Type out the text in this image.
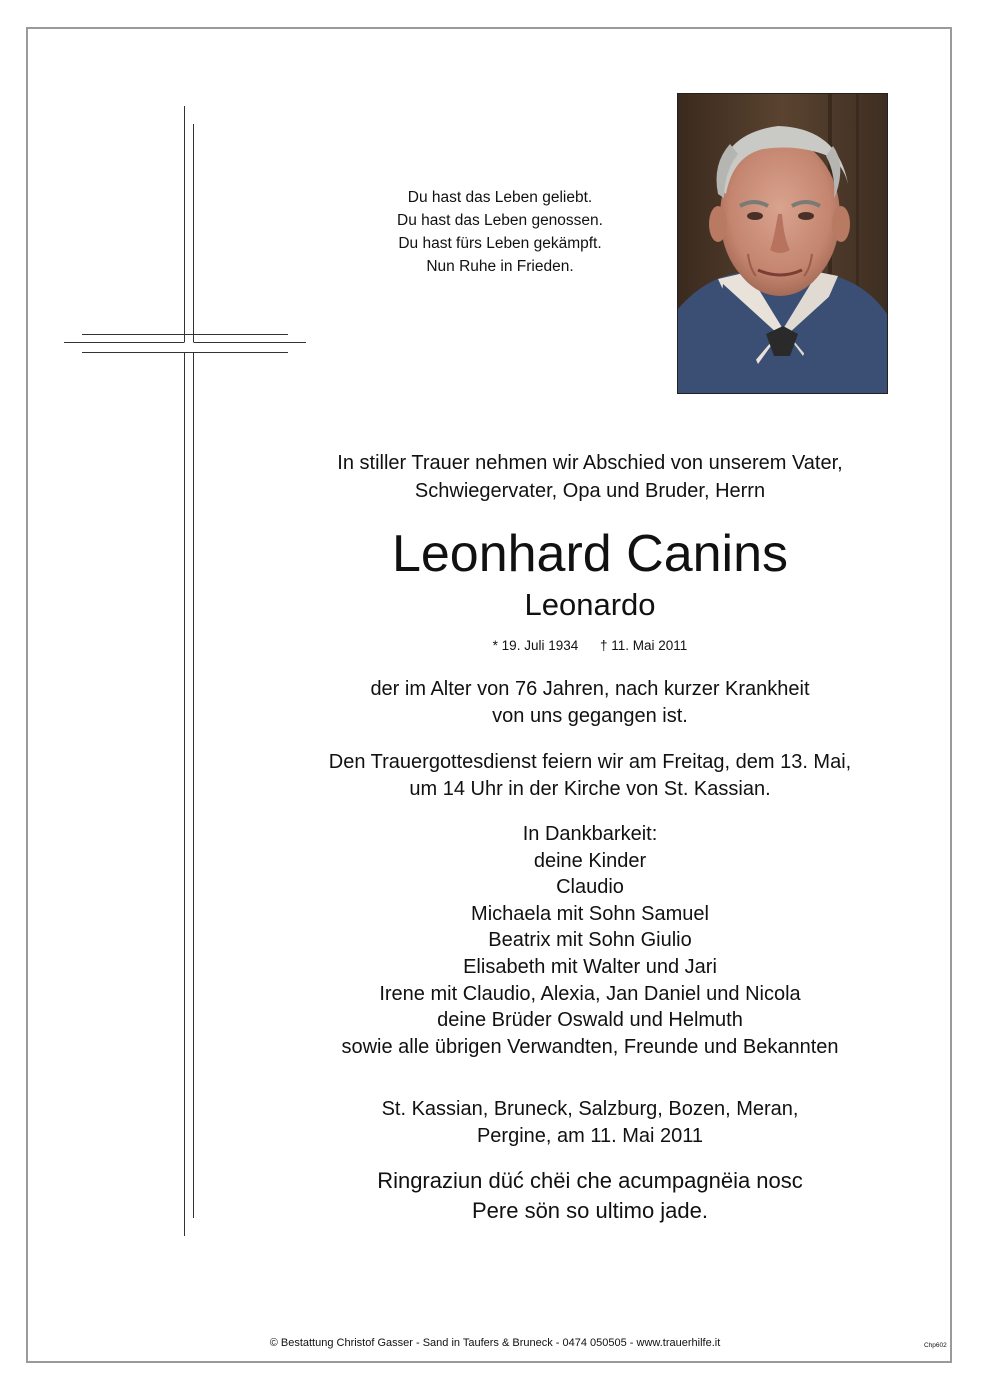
Du hast das Leben geliebt.
Du hast das Leben genossen.
Du hast fürs Leben gekämpft.
Nun Ruhe in Frieden.
In stiller Trauer nehmen wir Abschied von unserem Vater,
Schwiegervater, Opa und Bruder, Herrn
Leonhard Canins
Leonardo
* 19. Juli 1934 † 11. Mai 2011
der im Alter von 76 Jahren, nach kurzer Krankheit
von uns gegangen ist.
Den Trauergottesdienst feiern wir am Freitag, dem 13. Mai,
um 14 Uhr in der Kirche von St. Kassian.
In Dankbarkeit:
deine Kinder
Claudio
Michaela mit Sohn Samuel
Beatrix mit Sohn Giulio
Elisabeth mit Walter und Jari
Irene mit Claudio, Alexia, Jan Daniel und Nicola
deine Brüder Oswald und Helmuth
sowie alle übrigen Verwandten, Freunde und Bekannten
St. Kassian, Bruneck, Salzburg, Bozen, Meran,
Pergine, am 11. Mai 2011
Ringraziun düć chëi che acumpagnëia nosc
Pere sön so ultimo jade.
© Bestattung Christof Gasser - Sand in Taufers & Bruneck - 0474 050505 - www.trauerhilfe.it	Chp602
